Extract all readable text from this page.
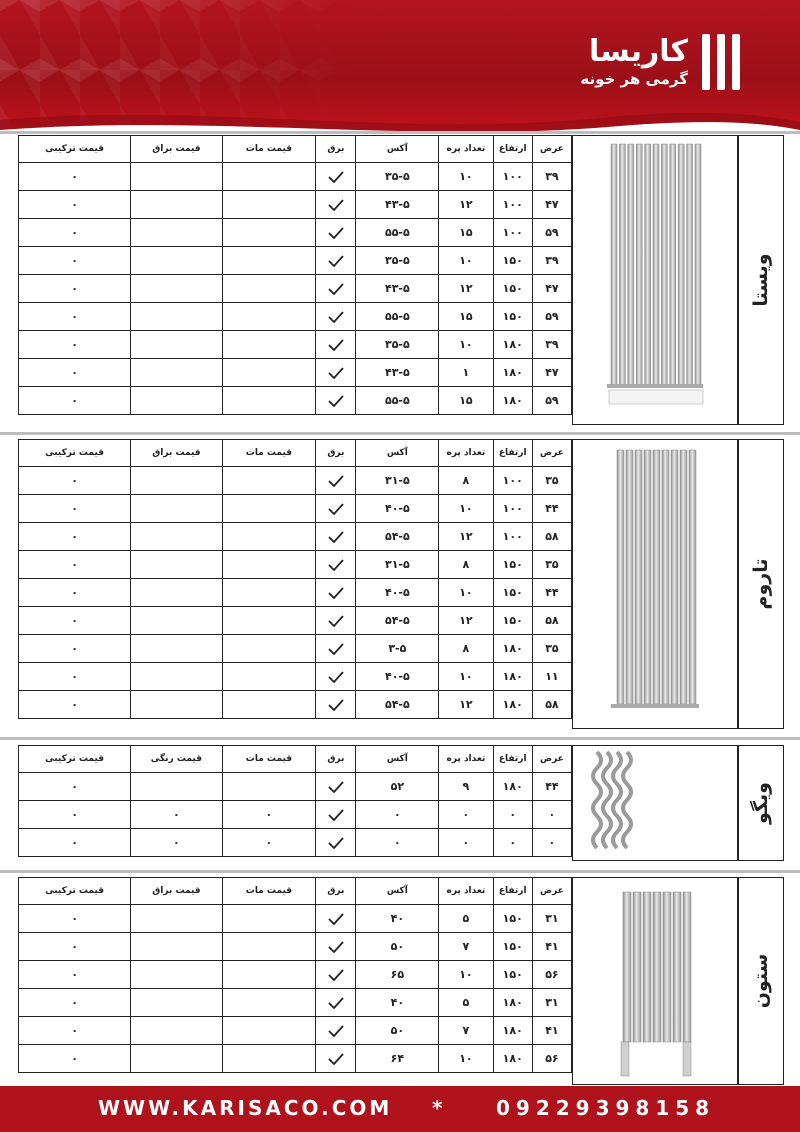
کاریسا
گرمی هر خونه
عرض	ارتفاع	تعداد پره	آکس	برق	قیمت مات	قیمت براق	قیمت ترکیبی
۳۹	۱۰۰	۱۰	۳۵-۵				۰
۴۷	۱۰۰	۱۲	۴۳-۵				۰
۵۹	۱۰۰	۱۵	۵۵-۵				۰
۳۹	۱۵۰	۱۰	۳۵-۵				۰
۴۷	۱۵۰	۱۲	۴۳-۵				۰
۵۹	۱۵۰	۱۵	۵۵-۵				۰
۳۹	۱۸۰	۱۰	۳۵-۵				۰
۴۷	۱۸۰	۱	۴۳-۵				۰
۵۹	۱۸۰	۱۵	۵۵-۵				۰
ویستا
عرض	ارتفاع	تعداد پره	آکس	برق	قیمت مات	قیمت براق	قیمت ترکیبی
۳۵	۱۰۰	۸	۳۱-۵				۰
۴۴	۱۰۰	۱۰	۴۰-۵				۰
۵۸	۱۰۰	۱۲	۵۴-۵				۰
۳۵	۱۵۰	۸	۳۱-۵				۰
۴۴	۱۵۰	۱۰	۴۰-۵				۰
۵۸	۱۵۰	۱۲	۵۴-۵				۰
۳۵	۱۸۰	۸	۳-۵				۰
۱۱	۱۸۰	۱۰	۴۰-۵				۰
۵۸	۱۸۰	۱۲	۵۴-۵				۰
تاروم
عرض	ارتفاع	تعداد پره	آکس	برق	قیمت مات	قیمت رنگی	قیمت ترکیبی
۴۴	۱۸۰	۹	۵۲				۰
۰	۰	۰	۰		۰	۰	۰
۰	۰	۰	۰		۰	۰	۰
ویگو
عرض	ارتفاع	تعداد پره	آکس	برق	قیمت مات	قیمت براق	قیمت ترکیبی
۳۱	۱۵۰	۵	۴۰				۰
۴۱	۱۵۰	۷	۵۰				۰
۵۶	۱۵۰	۱۰	۶۵				۰
۳۱	۱۸۰	۵	۴۰				۰
۴۱	۱۸۰	۷	۵۰				۰
۵۶	۱۸۰	۱۰	۶۴				۰
ستون
WWW.KARISACO.COM *	09229398158
